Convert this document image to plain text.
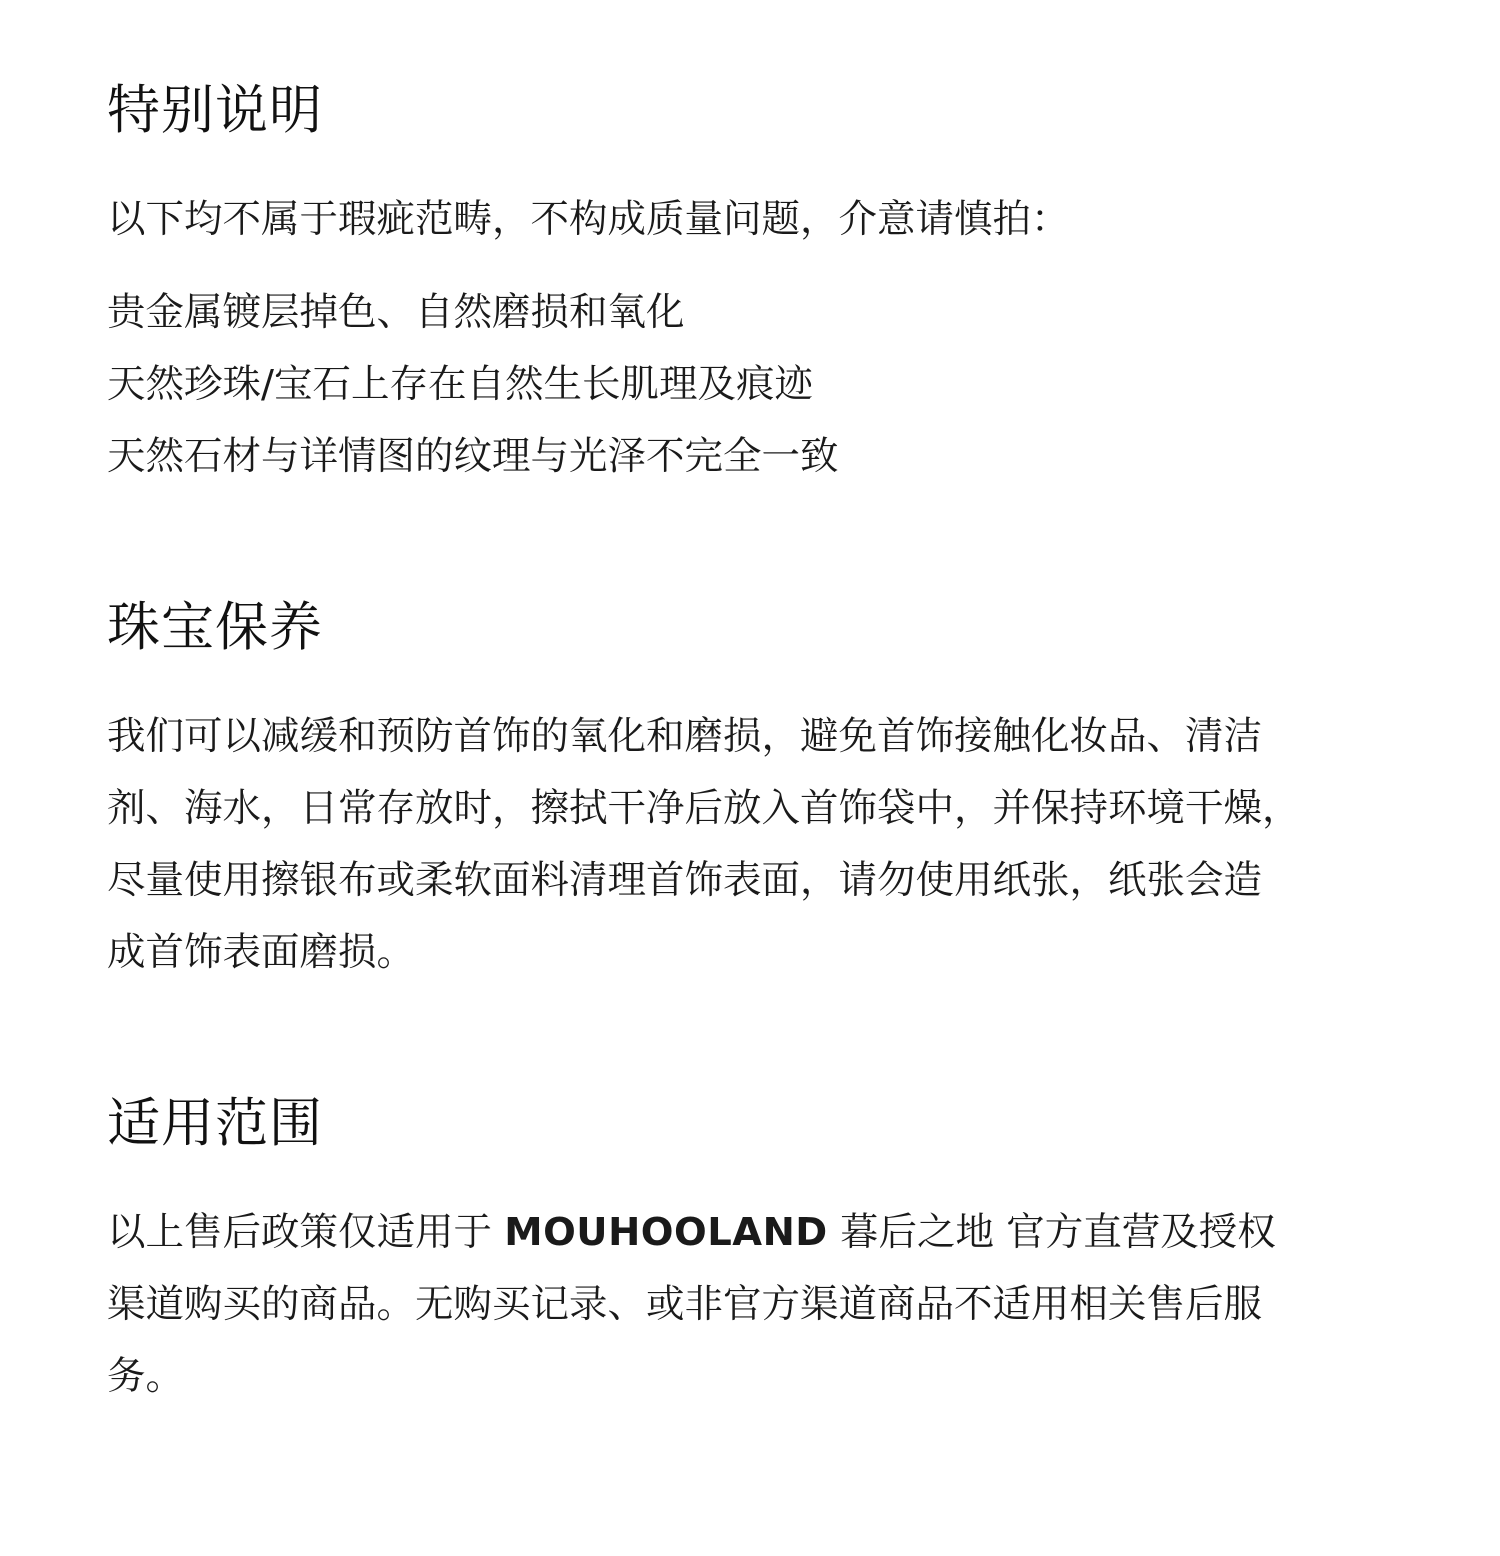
特别说明

以下均不属于瑕疵范畴，不构成质量问题，介意请慎拍：

贵金属镀层掉色、自然磨损和氧化

天然珍珠/宝石上存在自然生长肌理及痕迹

天然石材与详情图的纹理与光泽不完全一致

珠宝保养

我们可以减缓和预防首饰的氧化和磨损，避免首饰接触化妆品、清洁

剂、海水，日常存放时，擦拭干净后放入首饰袋中，并保持环境干燥，

尽量使用擦银布或柔软面料清理首饰表面，请勿使用纸张，纸张会造

成首饰表面磨损。

适用范围

以上售后政策仅适用于 MOUHOOLAND 暮后之地 官方直营及授权

渠道购买的商品。无购买记录、或非官方渠道商品不适用相关售后服

务。
